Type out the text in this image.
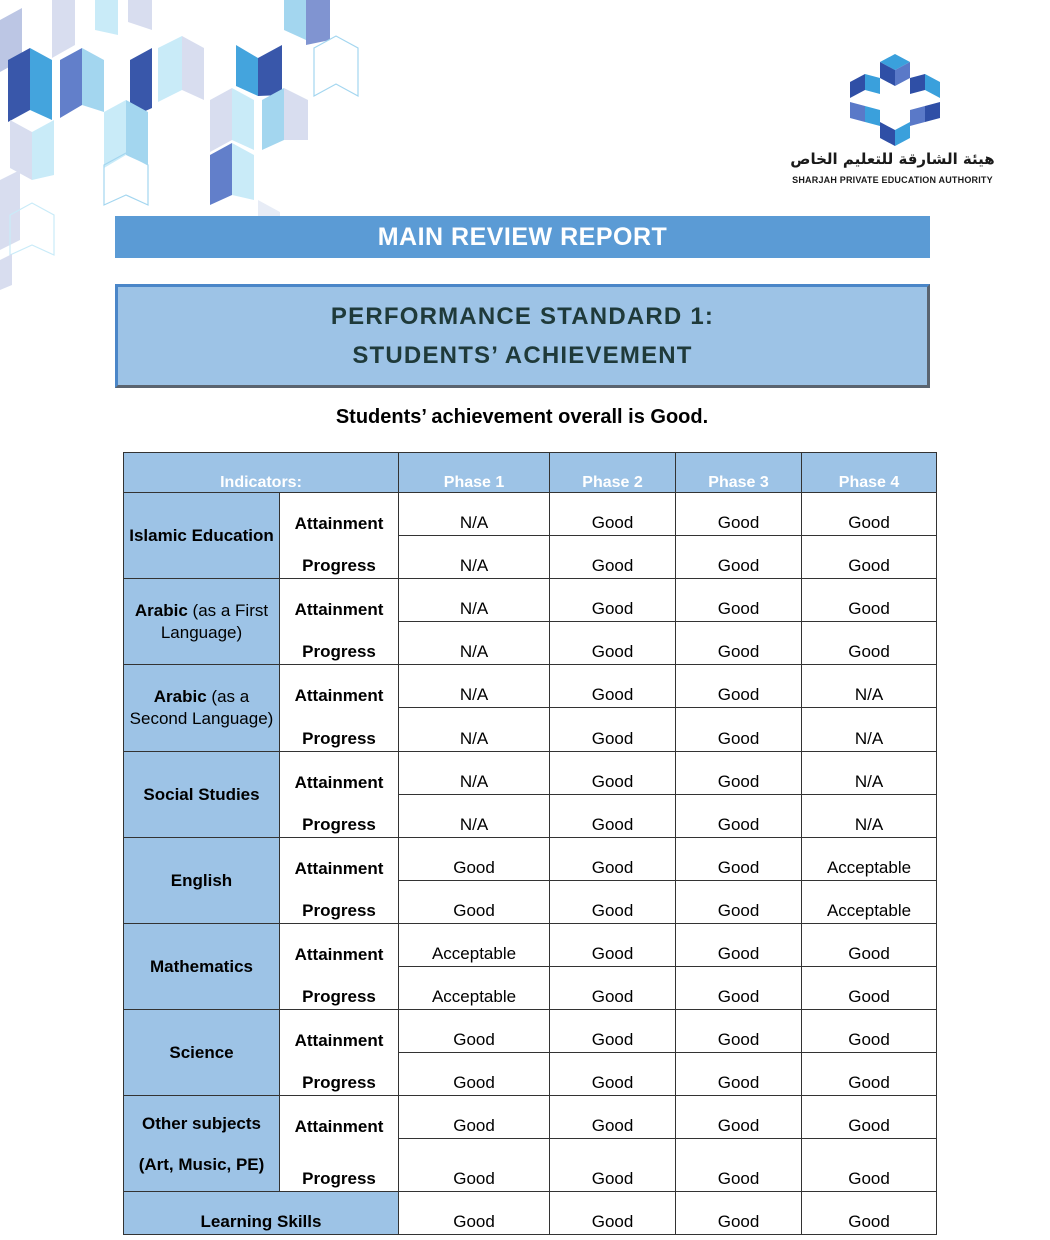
هيئة الشارقة للتعليم الخاص
SHARJAH PRIVATE EDUCATION AUTHORITY
MAIN REVIEW REPORT
PERFORMANCE STANDARD 1:
STUDENTS’ ACHIEVEMENT
Students’ achievement overall is Good.
Indicators:		Phase 1	Phase 2	Phase 3	Phase 4
Islamic Education	Attainment	N/A	Good	Good	Good
	Progress	N/A	Good	Good	Good
Arabic (as a First Language)	Attainment	N/A	Good	Good	Good
	Progress	N/A	Good	Good	Good
Arabic (as a Second Language)	Attainment	N/A	Good	Good	N/A
	Progress	N/A	Good	Good	N/A
Social Studies	Attainment	N/A	Good	Good	N/A
	Progress	N/A	Good	Good	N/A
English	Attainment	Good	Good	Good	Acceptable
	Progress	Good	Good	Good	Acceptable
Mathematics	Attainment	Acceptable	Good	Good	Good
	Progress	Acceptable	Good	Good	Good
Science	Attainment	Good	Good	Good	Good
	Progress	Good	Good	Good	Good
Other subjects
(Art, Music, PE)	Attainment	Good	Good	Good	Good
	Progress	Good	Good	Good	Good
Learning Skills		Good	Good	Good	Good
